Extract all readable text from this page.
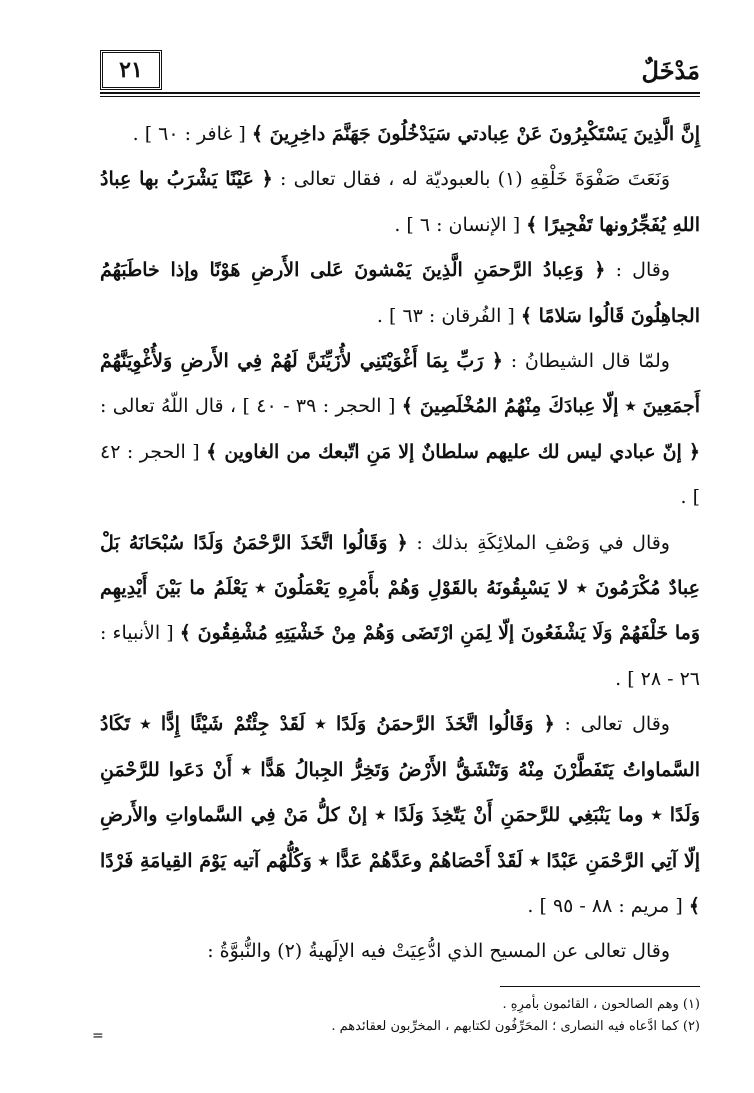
مَدْخَلٌ
٢١

إِنَّ الَّذِينَ يَسْتَكْبِرُونَ عَنْ عِبادتي سَيَدْخُلُونَ جَهَنَّمَ داخِرِينَ ﴾ [ غافر : ٦٠ ] .

وَنَعَتَ صَفْوَةَ خَلْقِهِ (١) بالعبوديّة له ، فقال تعالى : ﴿ عَيْنًا يَشْرَبُ بها عِبادُ اللهِ يُفَجِّرُونها تَفْجِيرًا ﴾ [ الإنسان : ٦ ] .

وقال : ﴿ وَعِبادُ الرَّحمَنِ الَّذِينَ يَمْشونَ عَلى الأَرضِ هَوْنًا وإذا خاطَبَهُمُ الجاهِلُونَ قَالُوا سَلامًا ﴾ [ الفُرقان : ٦٣ ] .

ولمّا قال الشيطانُ : ﴿ رَبِّ بِمَا أَغْوَيْتَنِي لأُزَيِّنَنَّ لَهُمْ فِي الأَرضِ وَلأُغْوِيَنَّهُمْ أَجمَعِينَ ٭ إلّا عِبادَكَ مِنْهُمُ المُخْلَصِينَ ﴾ [ الحجر : ٣٩ - ٤٠ ] ، قال اللّهُ تعالى : ﴿ إنّ عبادي ليس لك عليهم سلطانٌ إلا مَنِ اتّبعك من الغاوين ﴾ [ الحجر : ٤٢ ] .

وقال في وَصْفِ الملائِكَةِ بذلك : ﴿ وَقَالُوا اتَّخَذَ الرَّحْمَنُ وَلَدًا سُبْحَانَهُ بَلْ عِبادٌ مُكْرَمُونَ ٭ لا يَسْبِقُونَهُ بالقَوْلِ وَهُمْ بأَمْرِهِ يَعْمَلُونَ ٭ يَعْلَمُ ما بَيْنَ أَيْدِيهِم وَما خَلْفَهُمْ وَلَا يَشْفَعُونَ إلّا لِمَنِ ارْتَضَى وَهُمْ مِنْ خَشْيَتِهِ مُشْفِقُونَ ﴾ [ الأنبياء : ٢٦ - ٢٨ ] .

وقال تعالى : ﴿ وَقَالُوا اتَّخَذَ الرَّحمَنُ وَلَدًا ٭ لَقَدْ جِئْتُمْ شَيْئًا إِدًّا ٭ تَكَادُ السَّماواتُ يَتَفَطَّرْنَ مِنْهُ وَتَنْشَقُّ الأَرْضُ وَتَخِرُّ الجِبالُ هَدًّا ٭ أَنْ دَعَوا للرَّحْمَنِ وَلَدًا ٭ وما يَنْبَغِي للرَّحمَنِ أَنْ يَتّخِذَ وَلَدًا ٭ إنْ كلُّ مَنْ فِي السَّماواتِ والأَرضِ إلّا آتِي الرَّحْمَنِ عَبْدًا ٭ لَقَدْ أَحْصَاهُمْ وعَدَّهُمْ عَدًّا ٭ وَكُلُّهُم آتيه يَوْمَ القِيامَةِ فَرْدًا ﴾ [ مريم : ٨٨ - ٩٥ ] .

وقال تعالى عن المسيح الذي ادُّعِيَتْ فيه الإلَهيةُ (٢) والنُّبوَّةُ :

(١) وهم الصالحون ، القائمون بأمرِهِ .
(٢) كما ادَّعاه فيه النصارى ؛ المحَرِّفُون لكتابهم ، المخرِّبون لعقائدهم .
=
